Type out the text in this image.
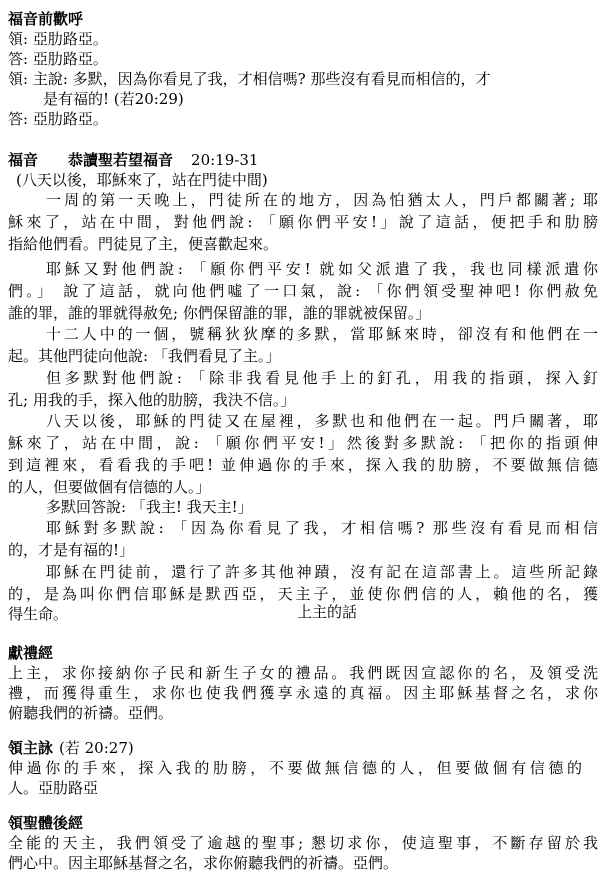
福音前歡呼
領: 亞肋路亞。
答: 亞肋路亞。
領: 主說: 多默，因為你看見了我，才相信嗎? 那些沒有看見而相信的，才
是有福的! (若20:29)
答: 亞肋路亞。
福音 恭讀聖若望福音 20:19-31
(八天以後，耶穌來了，站在門徒中間)
一周的第一天晚上，門徒所在的地方，因為怕猶太人，門戶都關著; 耶
穌來了，站在中間，對他們說: 「願你們平安!」說了這話，便把手和肋膀
指給他們看。門徒見了主，便喜歡起來。
耶穌又對他們說: 「願你們平安! 就如父派遣了我，我也同樣派遣你
們。」 說了這話，就向他們噓了一口氣，說: 「你們領受聖神吧! 你們赦免
誰的罪，誰的罪就得赦免; 你們保留誰的罪，誰的罪就被保留。」
十二人中的一個，號稱狄狄摩的多默，當耶穌來時，卻沒有和他們在一
起。其他門徒向他說: 「我們看見了主。」
但多默對他們說: 「除非我看見他手上的釘孔，用我的指頭，探入釘
孔; 用我的手，探入他的肋膀，我決不信。」
八天以後，耶穌的門徒又在屋裡，多默也和他們在一起。門戶關著，耶
穌來了，站在中間，說: 「願你們平安!」然後對多默說: 「把你的指頭伸
到這裡來，看看我的手吧! 並伸過你的手來，探入我的肋膀，不要做無信德
的人，但要做個有信德的人。」
多默回答說: 「我主! 我天主!」
耶穌對多默說: 「因為你看見了我，才相信嗎? 那些沒有看見而相信
的，才是有福的!」
耶穌在門徒前，還行了許多其他神蹟，沒有記在這部書上。這些所記錄
的，是為叫你們信耶穌是默西亞，天主子，並使你們信的人，賴他的名，獲
得生命。	上主的話
獻禮經
上主，求你接納你子民和新生子女的禮品。我們既因宣認你的名，及領受洗
禮，而獲得重生，求你也使我們獲享永遠的真福。因主耶穌基督之名，求你
俯聽我們的祈禱。亞們。
領主詠 (若 20:27)
伸過你的手來，探入我的肋膀，不要做無信德的人，但要做個有信德的
人。亞肋路亞
領聖體後經
全能的天主，我們領受了逾越的聖事; 懇切求你，使這聖事，不斷存留於我
們心中。因主耶穌基督之名，求你俯聽我們的祈禱。亞們。
